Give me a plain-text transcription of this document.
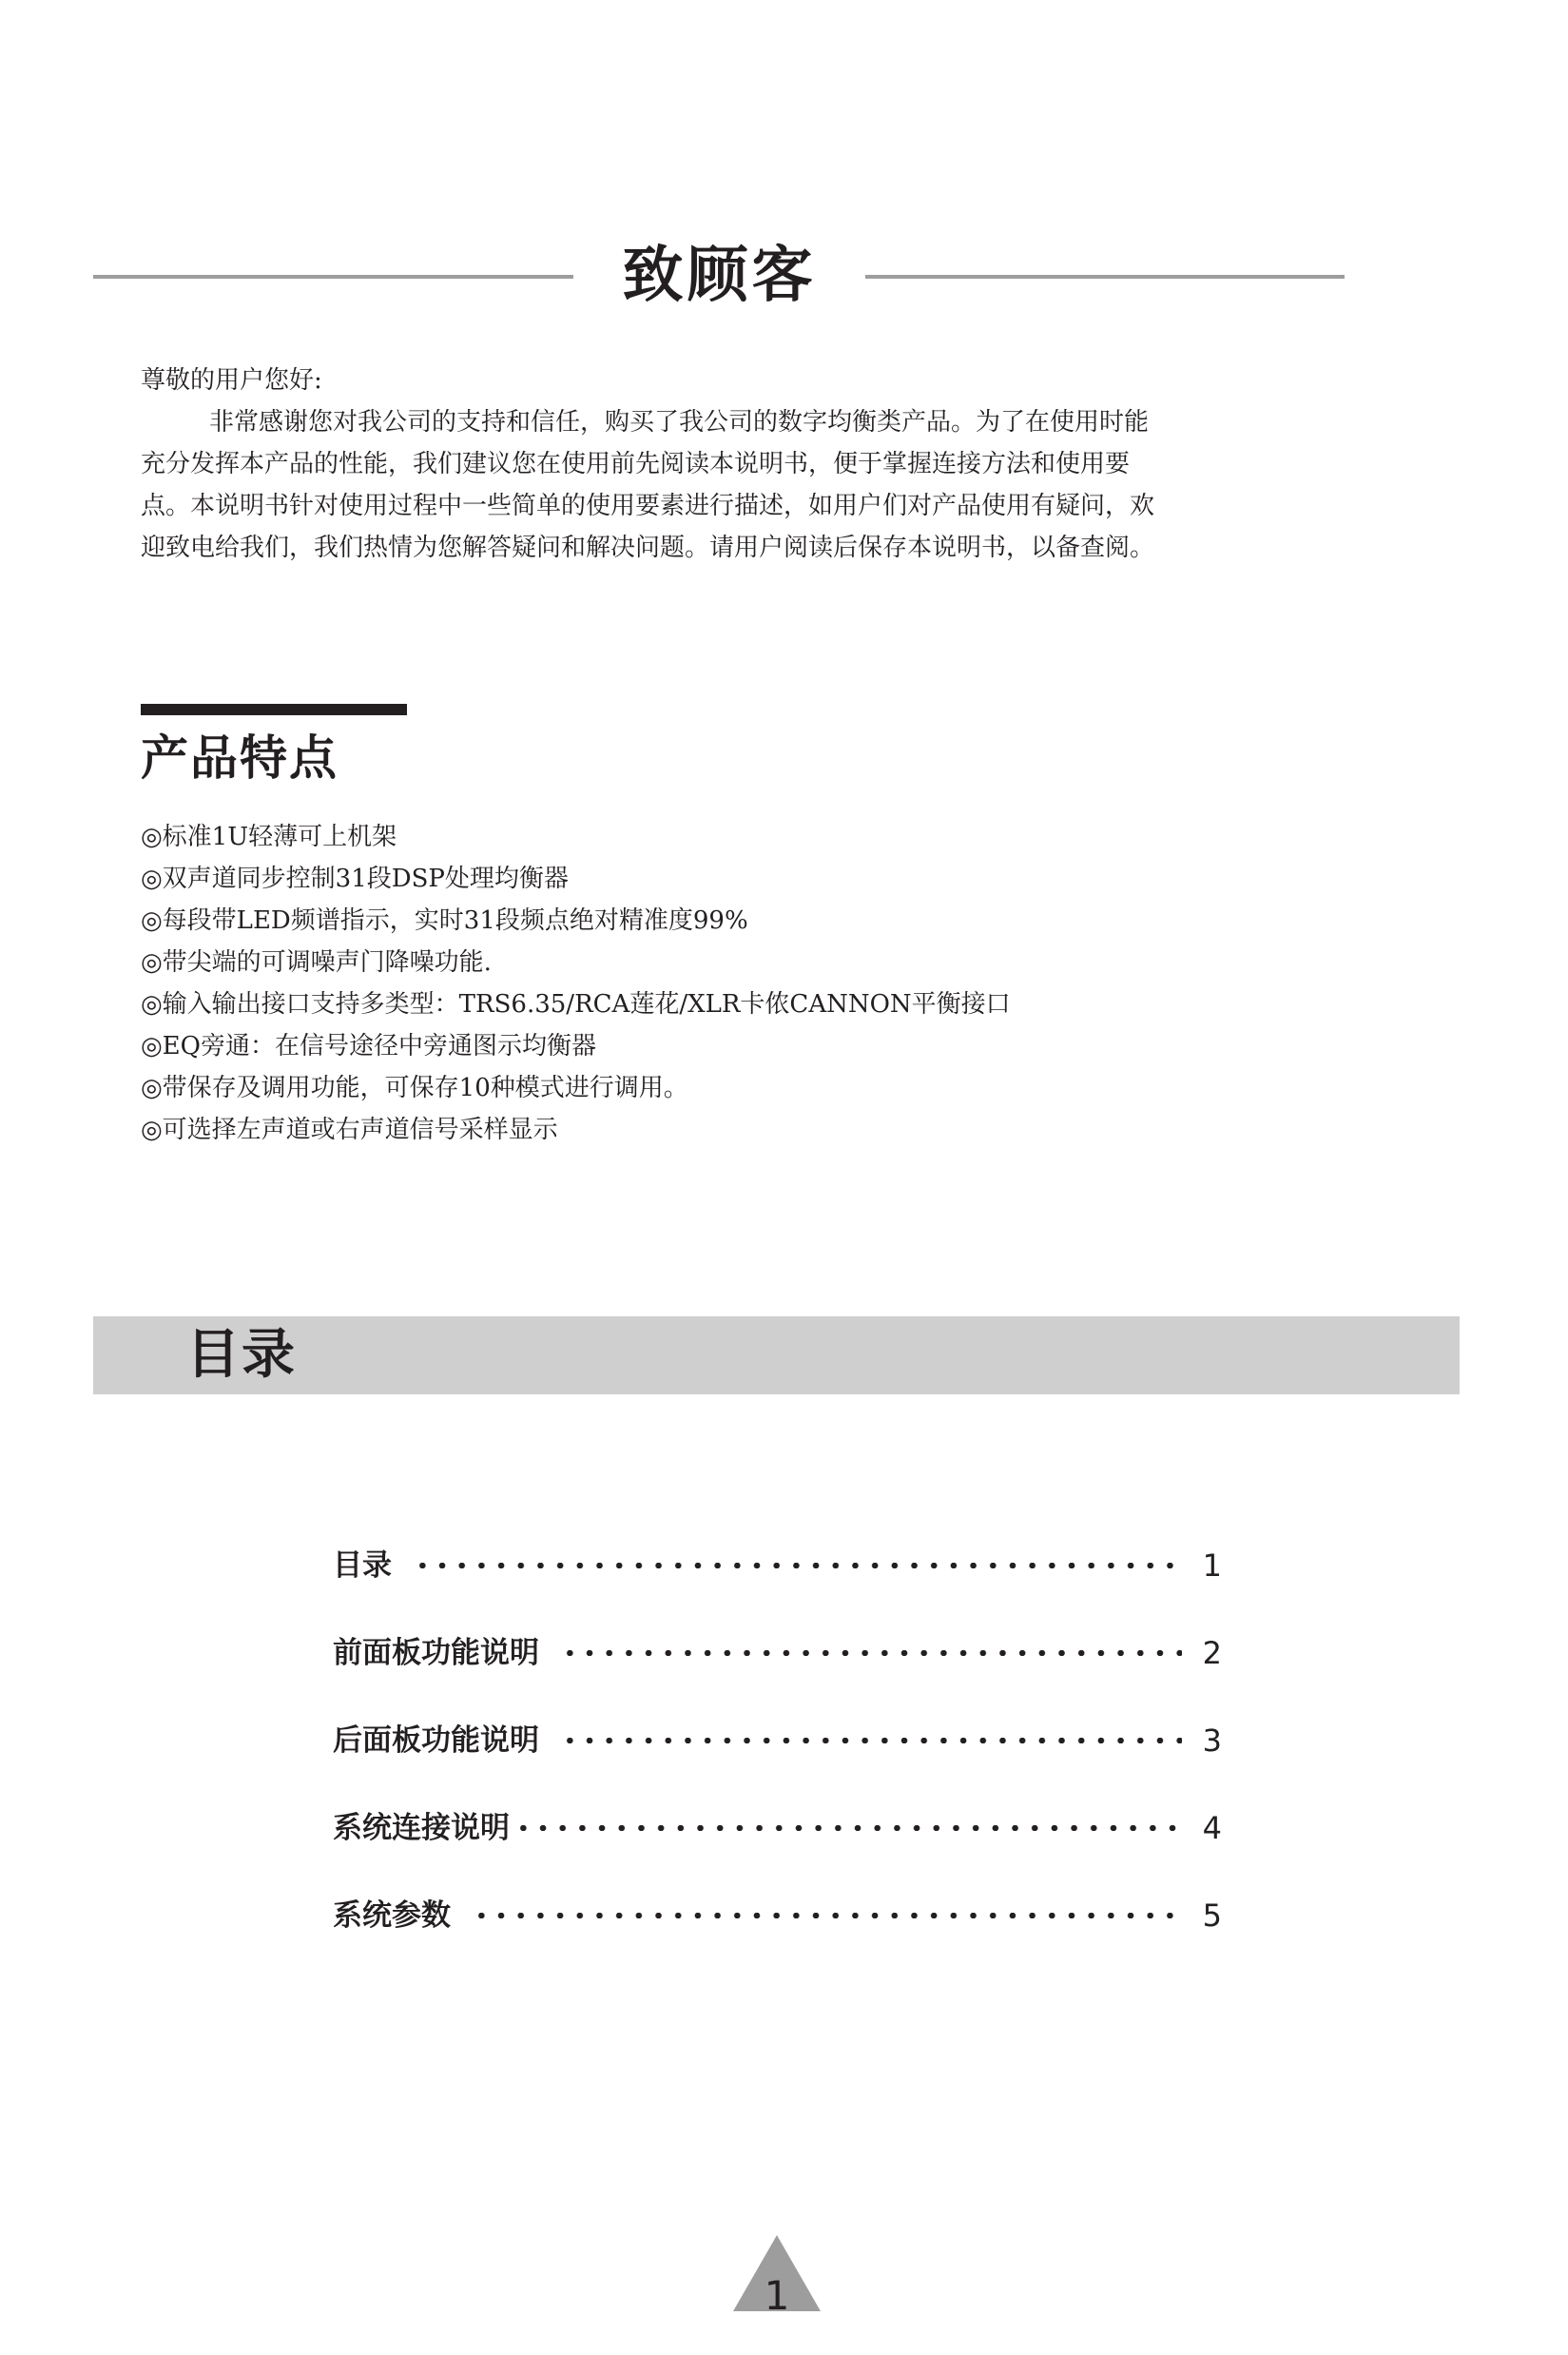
致顾客

尊敬的用户您好:

非常感谢您对我公司的支持和信任，购买了我公司的数字均衡类产品。为了在使用时能

充分发挥本产品的性能，我们建议您在使用前先阅读本说明书，便于掌握连接方法和使用要

点。本说明书针对使用过程中一些简单的使用要素进行描述，如用户们对产品使用有疑问，欢

迎致电给我们，我们热情为您解答疑问和解决问题。请用户阅读后保存本说明书，以备查阅。

产品特点
◎标准1U轻薄可上机架
◎双声道同步控制31段DSP处理均衡器
◎每段带LED频谱指示，实时31段频点绝对精准度99%
◎带尖端的可调噪声门降噪功能.
◎输入输出接口支持多类型：TRS6.35/RCA莲花/XLR卡侬CANNON平衡接口
◎EQ旁通：在信号途径中旁通图示均衡器
◎带保存及调用功能，可保存10种模式进行调用。
◎可选择左声道或右声道信号采样显示
目录
目录	1
前面板功能说明	2
后面板功能说明	3
系统连接说明	4
系统参数	5
1
